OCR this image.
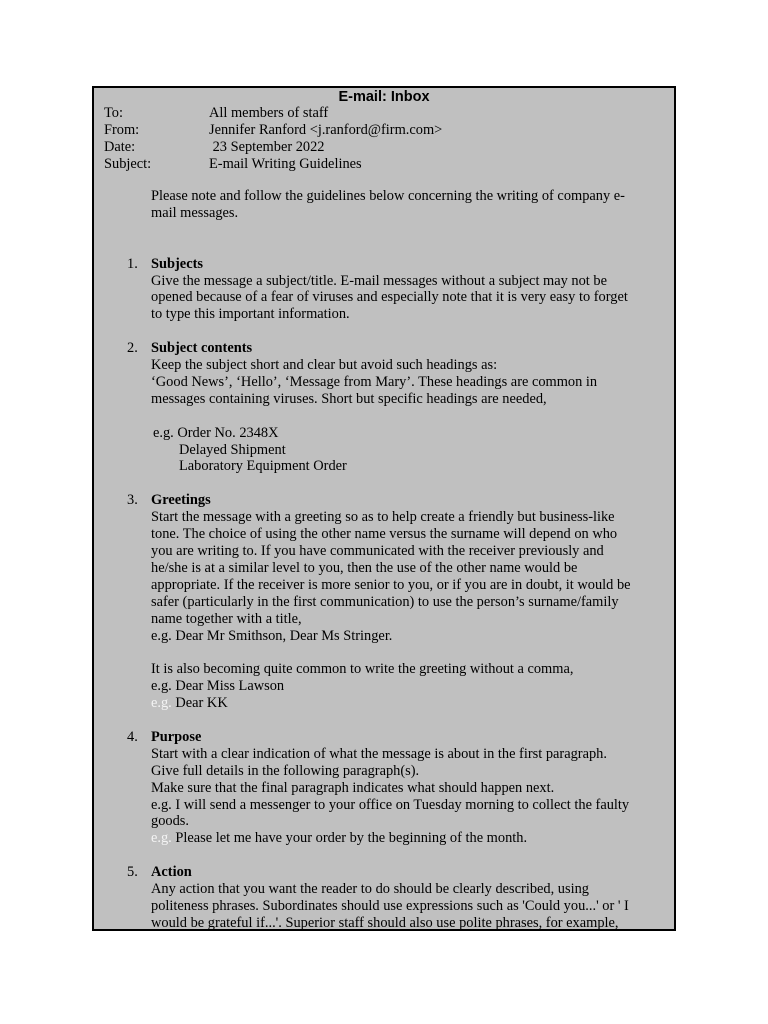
E-mail: Inbox
To:	All members of staff
From:	Jennifer Ranford <j.ranford@firm.com>
Date:	23 September 2022
Subject:	E-mail Writing Guidelines
Please note and follow the guidelines below concerning the writing of company e-
mail messages.
1. Subjects
Give the message a subject/title. E-mail messages without a subject may not be
opened because of a fear of viruses and especially note that it is very easy to forget
to type this important information.
2. Subject contents
Keep the subject short and clear but avoid such headings as:
‘Good News’, ‘Hello’, ‘Message from Mary’. These headings are common in
messages containing viruses. Short but specific headings are needed,
e.g. Order No. 2348X
Delayed Shipment
Laboratory Equipment Order
3. Greetings
Start the message with a greeting so as to help create a friendly but business-like
tone. The choice of using the other name versus the surname will depend on who
you are writing to. If you have communicated with the receiver previously and
he/she is at a similar level to you, then the use of the other name would be
appropriate. If the receiver is more senior to you, or if you are in doubt, it would be
safer (particularly in the first communication) to use the person’s surname/family
name together with a title,
e.g. Dear Mr Smithson, Dear Ms Stringer.
It is also becoming quite common to write the greeting without a comma,
e.g. Dear Miss Lawson
e.g. Dear KK
4. Purpose
Start with a clear indication of what the message is about in the first paragraph.
Give full details in the following paragraph(s).
Make sure that the final paragraph indicates what should happen next.
e.g. I will send a messenger to your office on Tuesday morning to collect the faulty
goods.
e.g. Please let me have your order by the beginning of the month.
5. Action
Any action that you want the reader to do should be clearly described, using
politeness phrases. Subordinates should use expressions such as 'Could you...' or ' I
would be grateful if...'. Superior staff should also use polite phrases, for example,
